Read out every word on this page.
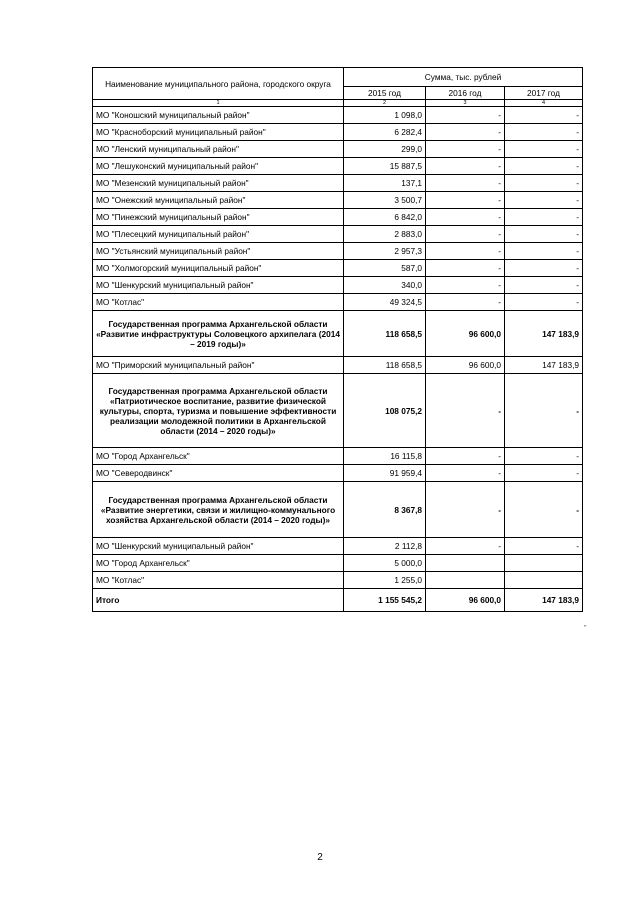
Наименование муниципального района, городского округа	Сумма, тыс. рублей		
	2015 год	2016 год	2017 год
1	2	3	4
МО "Коношский муниципальный район"	1 098,0	-	-
МО "Красноборский муниципальный район"	6 282,4	-	-
МО "Ленский муниципальный район"	299,0	-	-
МО "Лешуконский муниципальный район"	15 887,5	-	-
МО "Мезенский муниципальный район"	137,1	-	-
МО "Онежский муниципальный район"	3 500,7	-	-
МО "Пинежский муниципальный район"	6 842,0	-	-
МО "Плесецкий муниципальный район"	2 883,0	-	-
МО "Устьянский муниципальный район"	2 957,3	-	-
МО "Холмогорский муниципальный район"	587,0	-	-
МО "Шенкурский муниципальный район"	340,0	-	-
МО "Котлас"	49 324,5	-	-
Государственная программа Архангельской области «Развитие инфраструктуры Соловецкого архипелага (2014 – 2019 годы)»	118 658,5	96 600,0	147 183,9
МО "Приморский муниципальный район"	118 658,5	96 600,0	147 183,9
Государственная программа Архангельской области «Патриотическое воспитание, развитие физической культуры, спорта, туризма и повышение эффективности реализации молодежной политики в Архангельской области (2014 – 2020 годы)»	108 075,2	-	-
МО "Город Архангельск"	16 115,8	-	-
МО "Северодвинск"	91 959,4	-	-
Государственная программа Архангельской области «Развитие энергетики, связи и жилищно-коммунального хозяйства Архангельской области (2014 – 2020 годы)»	8 367,8	-	-
МО "Шенкурский муниципальный район"	2 112,8	-	-
МО "Город Архангельск"	5 000,0		
МО "Котлас"	1 255,0		
Итого	1 155 545,2	96 600,0	147 183,9
"
2
